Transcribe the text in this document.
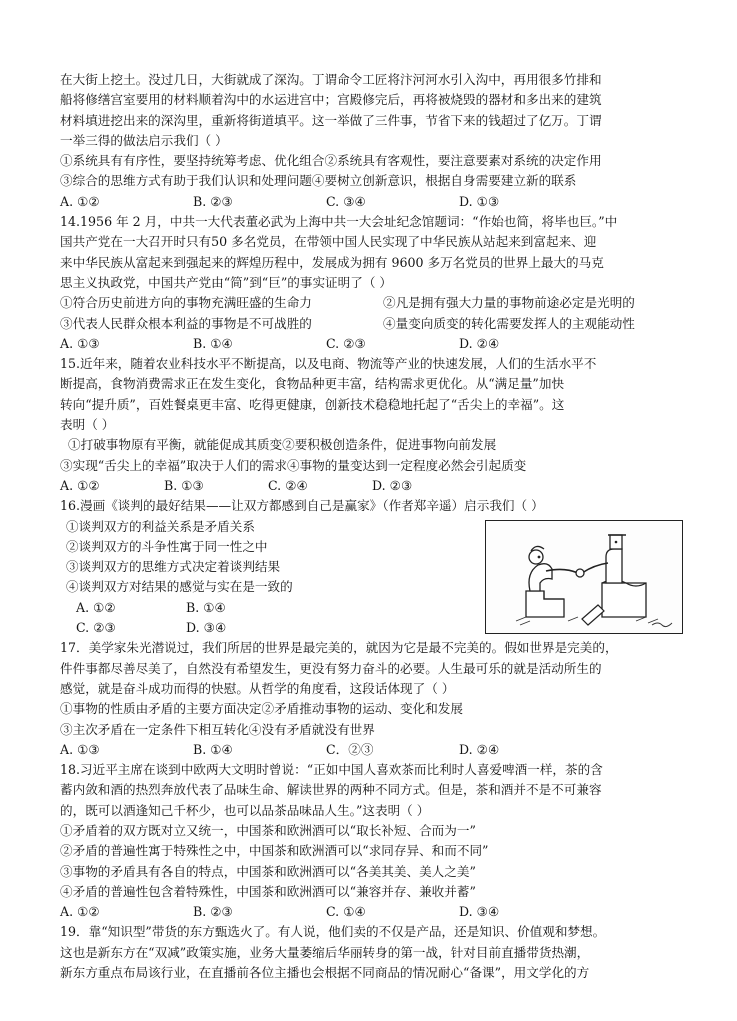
在大街上挖土。没过几日，大街就成了深沟。丁谓命令工匠将汴河河水引入沟中，再用很多竹排和

船将修缮宫室要用的材料顺着沟中的水运进宫中；宫殿修完后，再将被烧毁的器材和多出来的建筑

材料填进挖出来的深沟里，重新将街道填平。这一举做了三件事，节省下来的钱超过了亿万。丁谓

一举三得的做法启示我们（ ）

①系统具有有序性，要坚持统筹考虑、优化组合②系统具有客观性，要注意要素对系统的决定作用

③综合的思维方式有助于我们认识和处理问题④要树立创新意识，根据自身需要建立新的联系

A. ①②	B. ②③	C. ③④	D. ①③

14.1956 年 2 月，中共一大代表董必武为上海中共一大会址纪念馆题词：“作始也简，将毕也巨。”中

国共产党在一大召开时只有50 多名党员，在带领中国人民实现了中华民族从站起来到富起来、迎

来中华民族从富起来到强起来的辉煌历程中，发展成为拥有 9600 多万名党员的世界上最大的马克

思主义执政党，中国共产党由“简”到“巨”的事实证明了（ ）

①符合历史前进方向的事物充满旺盛的生命力	②凡是拥有强大力量的事物前途必定是光明的
③代表人民群众根本利益的事物是不可战胜的	④量变向质变的转化需要发挥人的主观能动性
A. ①③	B. ①④	C. ②③	D. ②④

15.近年来，随着农业科技水平不断提高，以及电商、物流等产业的快速发展，人们的生活水平不

断提高，食物消费需求正在发生变化，食物品种更丰富，结构需求更优化。从“满足量”加快

转向“提升质”，百姓餐桌更丰富、吃得更健康，创新技术稳稳地托起了“舌尖上的幸福”。这

表明（ ）

①打破事物原有平衡，就能促成其质变②要积极创造条件，促进事物向前发展

③实现“舌尖上的幸福”取决于人们的需求④事物的量变达到一定程度必然会引起质变

A. ①②	B. ①③	C. ②④	D. ②③

16.漫画《谈判的最好结果——让双方都感到自己是赢家》（作者郑辛遥）启示我们（ ）

①谈判双方的利益关系是矛盾关系

②谈判双方的斗争性寓于同一性之中

③谈判双方的思维方式决定着谈判结果

④谈判双方对结果的感觉与实在是一致的

A. ①②	B. ①④
C. ②③	D. ③④

17．美学家朱光潜说过，我们所居的世界是最完美的，就因为它是最不完美的。假如世界是完美的，

件件事都尽善尽美了，自然没有希望发生，更没有努力奋斗的必要。人生最可乐的就是活动所生的

感觉，就是奋斗成功而得的快慰。从哲学的角度看，这段话体现了（ ）

①事物的性质由矛盾的主要方面决定②矛盾推动事物的运动、变化和发展

③主次矛盾在一定条件下相互转化④没有矛盾就没有世界

A. ①③	B. ①④	C．②③	D. ②④

18.习近平主席在谈到中欧两大文明时曾说：“正如中国人喜欢茶而比利时人喜爱啤酒一样，茶的含

蓄内敛和酒的热烈奔放代表了品味生命、解读世界的两种不同方式。但是，茶和酒并不是不可兼容

的，既可以酒逢知己千杯少，也可以品茶品味品人生。”这表明（ ）

①矛盾着的双方既对立又统一，中国茶和欧洲酒可以“取长补短、合而为一”

②矛盾的普遍性寓于特殊性之中，中国茶和欧洲酒可以“求同存异、和而不同”

③事物的矛盾具有各自的特点，中国茶和欧洲酒可以“各美其美、美人之美”

④矛盾的普遍性包含着特殊性，中国茶和欧洲酒可以“兼容并存、兼收并蓄”

A. ①②	B. ②③	C. ①④	D. ③④

19．靠“知识型”带货的东方甄选火了。有人说，他们卖的不仅是产品，还是知识、价值观和梦想。

这也是新东方在“双减”政策实施，业务大量萎缩后华丽转身的第一战，针对目前直播带货热潮，

新东方重点布局该行业，在直播前各位主播也会根据不同商品的情况耐心“备课”，用文学化的方
